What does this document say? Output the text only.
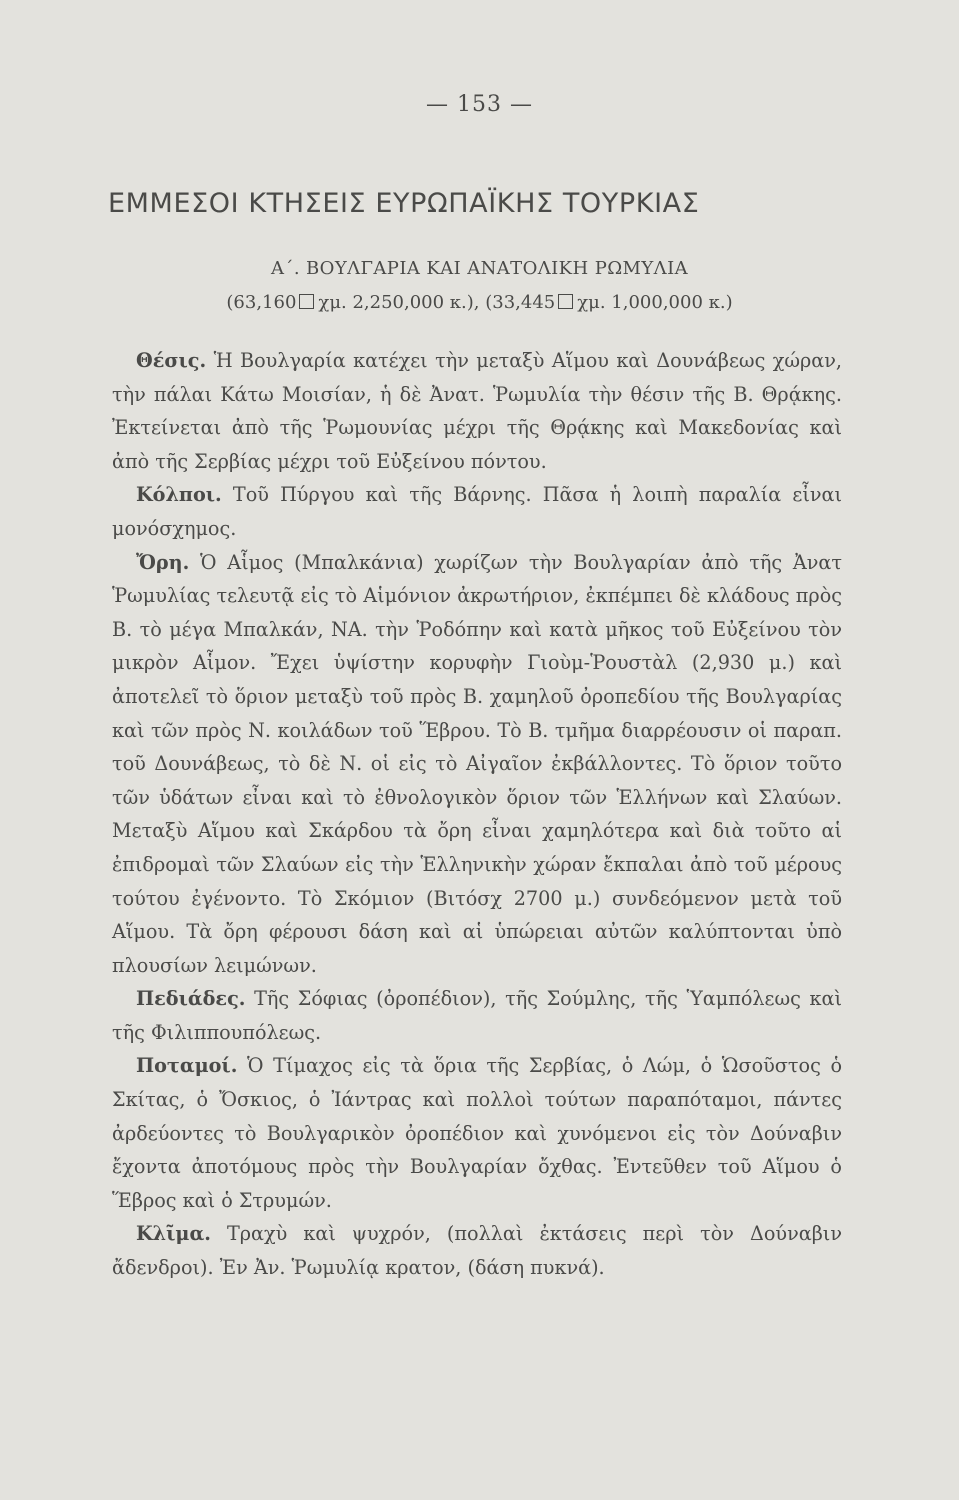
— 153 —
ΕΜΜΕΣΟΙ ΚΤΗΣΕΙΣ ΕΥΡΩΠΑΪΚΗΣ ΤΟΥΡΚΙΑΣ
Α΄. ΒΟΥΛΓΑΡΙΑ ΚΑΙ ΑΝΑΤΟΛΙΚΗ ΡΩΜΥΛΙΑ
(63,160 χμ. 2,250,000 κ.), (33,445 χμ. 1,000,000 κ.)

Θέσις. Ἡ Βουλγαρία κατέχει τὴν μεταξὺ Αἵμου καὶ Δουνάβεως χώραν, τὴν πάλαι Κάτω Μοισίαν, ἡ δὲ Ἀνατ. Ῥωμυλία τὴν θέσιν τῆς Β. Θρᾴκης. Ἐκτείνεται ἀπὸ τῆς Ῥωμουνίας μέχρι τῆς Θρᾴκης καὶ Μακεδονίας καὶ ἀπὸ τῆς Σερβίας μέχρι τοῦ Εὐξείνου πόντου.

Κόλποι. Τοῦ Πύργου καὶ τῆς Βάρνης. Πᾶσα ἡ λοιπὴ παραλία εἶναι μονόσχημος.

Ὄρη. Ὁ Αἷμος (Μπαλκάνια) χωρίζων τὴν Βουλγαρίαν ἀπὸ τῆς Ἀνατ Ῥωμυλίας τελευτᾷ εἰς τὸ Αἱμόνιον ἀκρωτήριον, ἐκπέμπει δὲ κλάδους πρὸς Β. τὸ μέγα Μπαλκάν, ΝΑ. τὴν Ῥοδόπην καὶ κατὰ μῆκος τοῦ Εὐξείνου τὸν μικρὸν Αἷμον. Ἔχει ὑψίστην κορυφὴν Γιοὺμ-Ῥουστὰλ (2,930 μ.) καὶ ἀποτελεῖ τὸ ὅριον μεταξὺ τοῦ πρὸς Β. χαμηλοῦ ὀροπεδίου τῆς Βουλγαρίας καὶ τῶν πρὸς Ν. κοιλάδων τοῦ Ἕβρου. Τὸ Β. τμῆμα διαρρέουσιν οἱ παραπ. τοῦ Δουνάβεως, τὸ δὲ Ν. οἱ εἰς τὸ Αἰγαῖον ἐκβάλλοντες. Τὸ ὅριον τοῦτο τῶν ὑδάτων εἶναι καὶ τὸ ἐθνολογικὸν ὅριον τῶν Ἑλλήνων καὶ Σλαύων. Μεταξὺ Αἵμου καὶ Σκάρδου τὰ ὄρη εἶναι χαμηλότερα καὶ διὰ τοῦτο αἱ ἐπιδρομαὶ τῶν Σλαύων εἰς τὴν Ἑλληνικὴν χώραν ἔκπαλαι ἀπὸ τοῦ μέρους τούτου ἐγένοντο. Τὸ Σκόμιον (Βιτόσχ 2700 μ.) συνδεόμενον μετὰ τοῦ Αἵμου. Τὰ ὄρη φέρουσι δάση καὶ αἱ ὑπώρειαι αὐτῶν καλύπτονται ὑπὸ πλουσίων λειμώνων.

Πεδιάδες. Τῆς Σόφιας (ὀροπέδιον), τῆς Σούμλης, τῆς Ὑαμπόλεως καὶ τῆς Φιλιππουπόλεως.

Ποταμοί. Ὁ Τίμαχος εἰς τὰ ὅρια τῆς Σερβίας, ὁ Λώμ, ὁ Ὡσοῦστος ὁ Σκίτας, ὁ Ὄσκιος, ὁ Ἰάντρας καὶ πολλοὶ τούτων παραπόταμοι, πάντες ἀρδεύοντες τὸ Βουλγαρικὸν ὀροπέδιον καὶ χυνόμενοι εἰς τὸν Δούναβιν ἔχοντα ἀποτόμους πρὸς τὴν Βουλγαρίαν ὄχθας. Ἐντεῦθεν τοῦ Αἵμου ὁ Ἕβρος καὶ ὁ Στρυμών.

Κλῖμα. Τραχὺ καὶ ψυχρόν, (πολλαὶ ἐκτάσεις περὶ τὸν Δούναβιν ἄδενδροι). Ἐν Ἀν. Ῥωμυλίᾳ κρατον, (δάση πυκνά).
